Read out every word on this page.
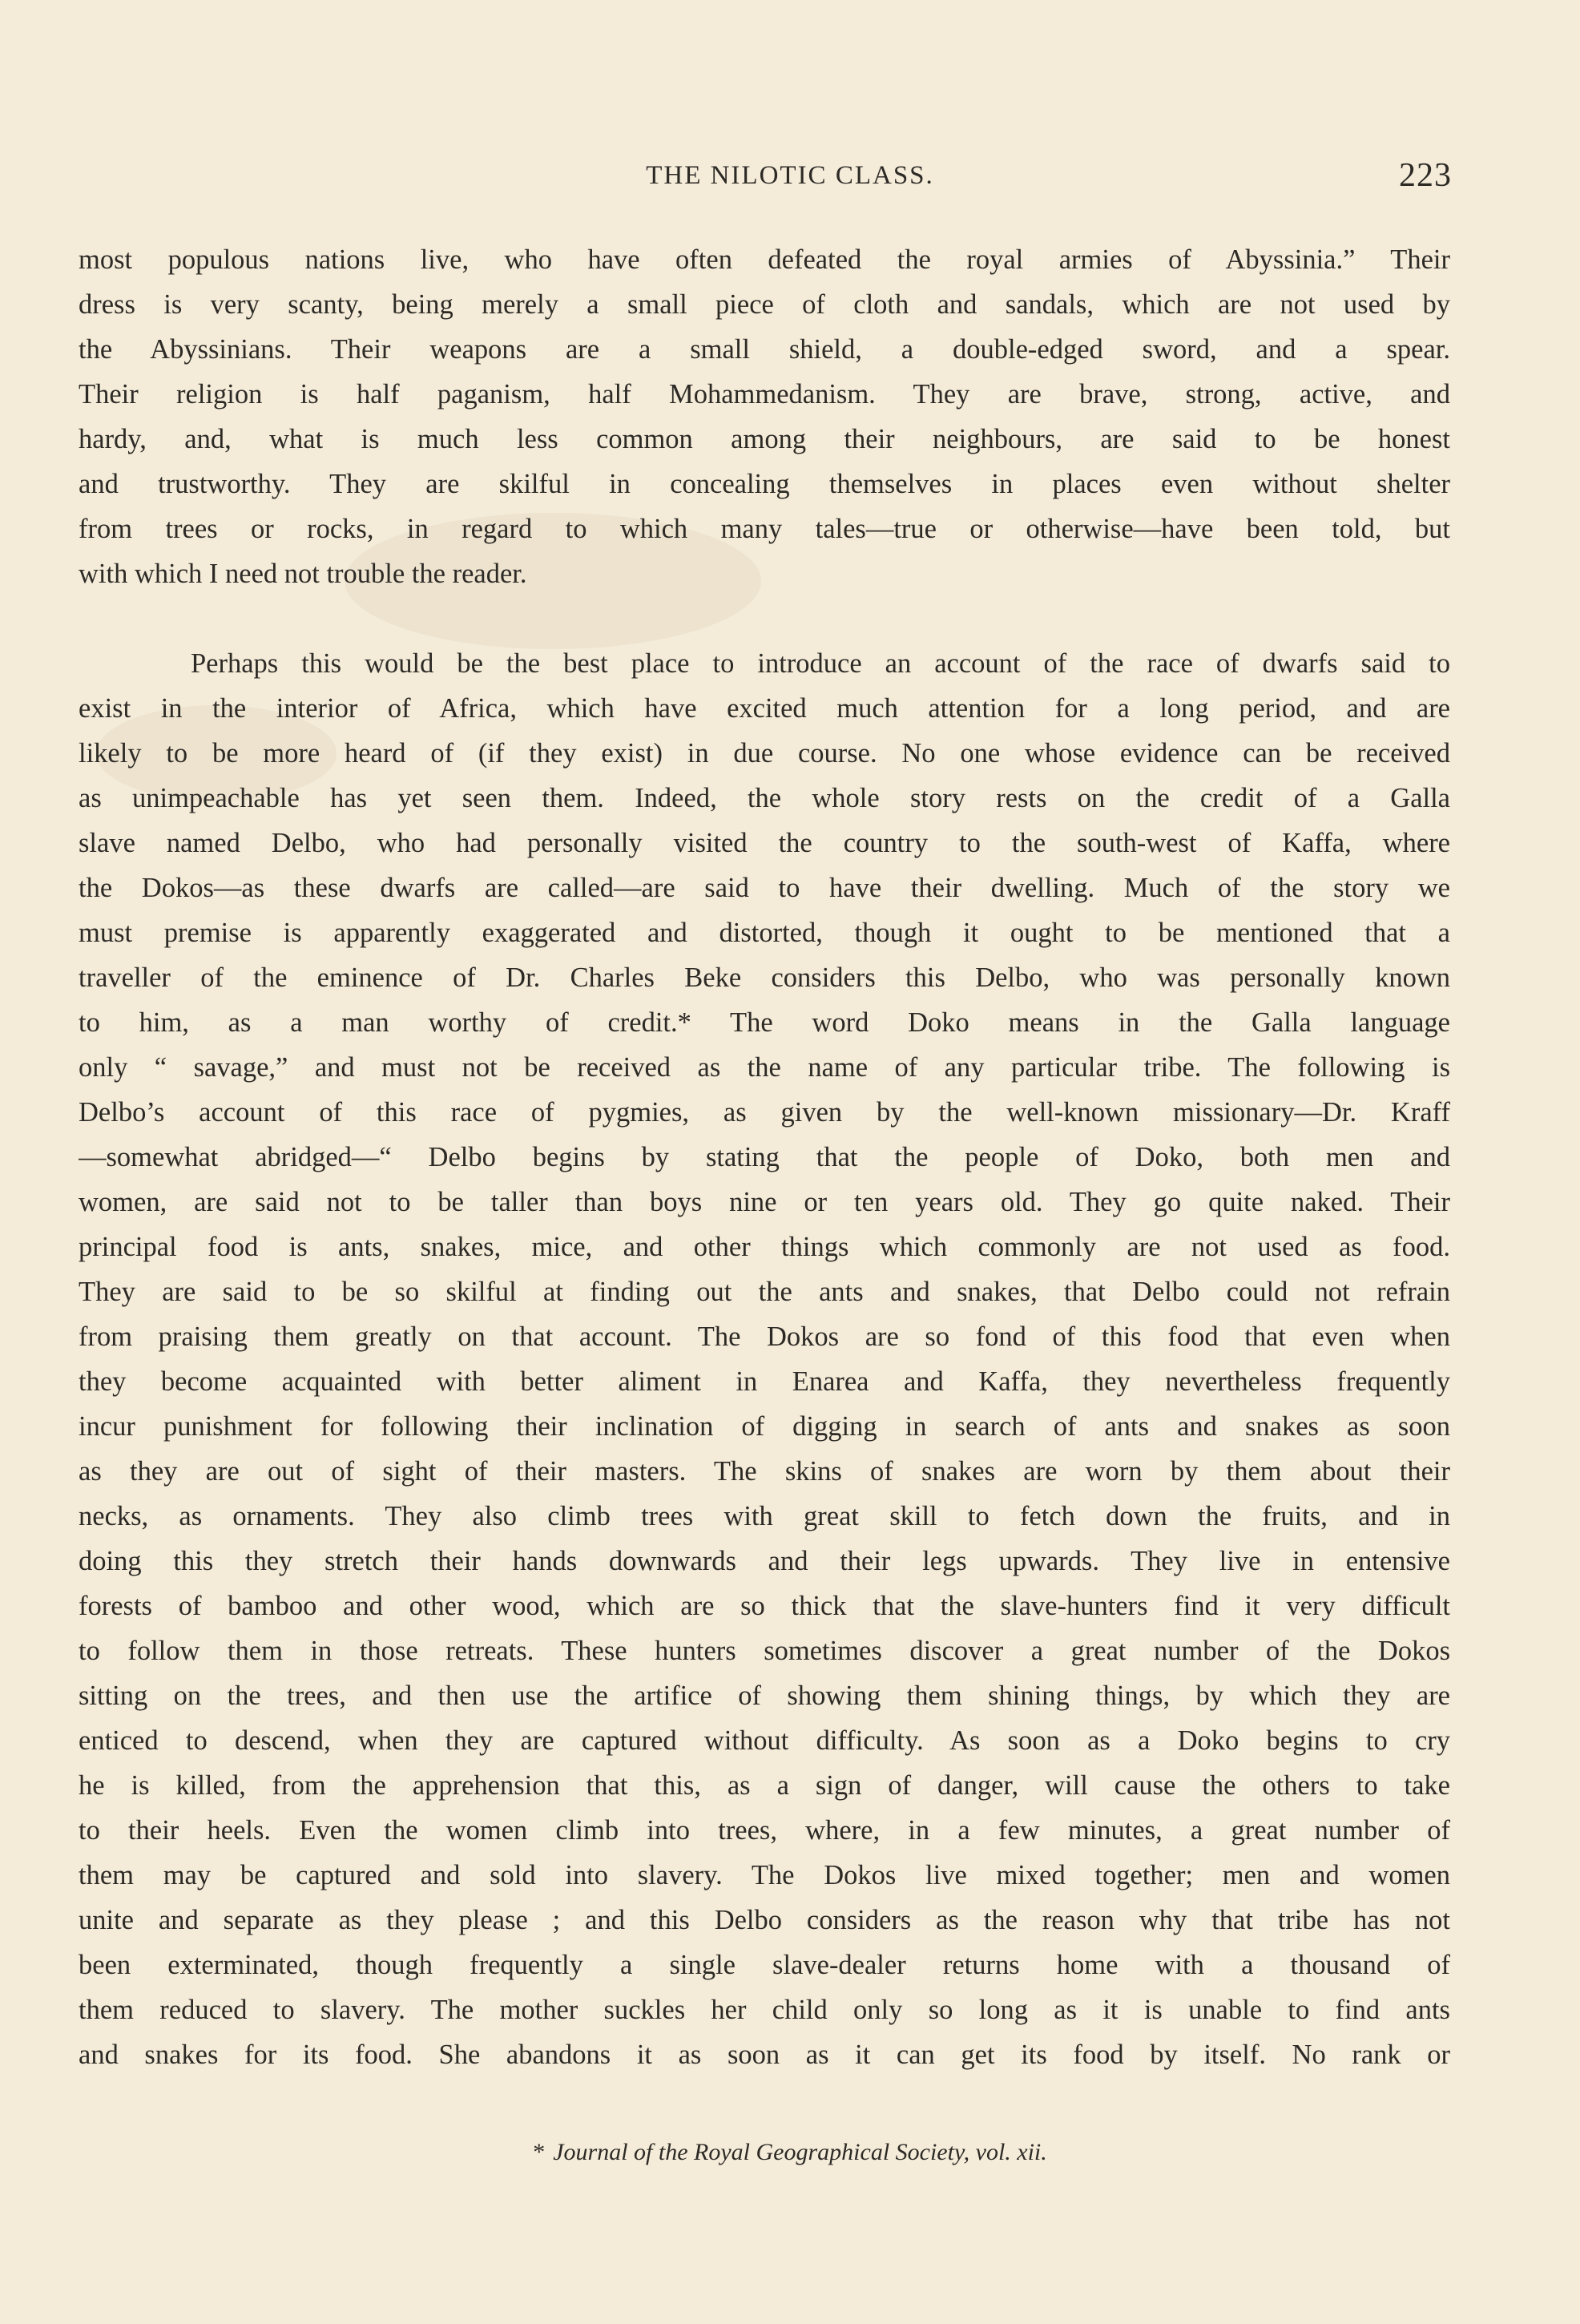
THE NILOTIC CLASS.	223
most populous nations live, who have often defeated the royal armies of Abyssinia.” Their
dress is very scanty, being merely a small piece of cloth and sandals, which are not used by
the Abyssinians. Their weapons are a small shield, a double-edged sword, and a spear.
Their religion is half paganism, half Mohammedanism. They are brave, strong, active, and
hardy, and, what is much less common among their neighbours, are said to be honest
and trustworthy. They are skilful in concealing themselves in places even without shelter
from trees or rocks, in regard to which many tales—true or otherwise—have been told, but
with which I need not trouble the reader.
Perhaps this would be the best place to introduce an account of the race of dwarfs said to
exist in the interior of Africa, which have excited much attention for a long period, and are
likely to be more heard of (if they exist) in due course. No one whose evidence can be received
as unimpeachable has yet seen them. Indeed, the whole story rests on the credit of a Galla
slave named Delbo, who had personally visited the country to the south-west of Kaffa, where
the Dokos—as these dwarfs are called—are said to have their dwelling. Much of the story we
must premise is apparently exaggerated and distorted, though it ought to be mentioned that a
traveller of the eminence of Dr. Charles Beke considers this Delbo, who was personally known
to him, as a man worthy of credit.* The word Doko means in the Galla language
only “ savage,” and must not be received as the name of any particular tribe. The following is
Delbo’s account of this race of pygmies, as given by the well-known missionary—Dr. Kraff
—somewhat abridged—“ Delbo begins by stating that the people of Doko, both men and
women, are said not to be taller than boys nine or ten years old. They go quite naked. Their
principal food is ants, snakes, mice, and other things which commonly are not used as food.
They are said to be so skilful at finding out the ants and snakes, that Delbo could not refrain
from praising them greatly on that account. The Dokos are so fond of this food that even when
they become acquainted with better aliment in Enarea and Kaffa, they nevertheless frequently
incur punishment for following their inclination of digging in search of ants and snakes as soon
as they are out of sight of their masters. The skins of snakes are worn by them about their
necks, as ornaments. They also climb trees with great skill to fetch down the fruits, and in
doing this they stretch their hands downwards and their legs upwards. They live in entensive
forests of bamboo and other wood, which are so thick that the slave-hunters find it very difficult
to follow them in those retreats. These hunters sometimes discover a great number of the Dokos
sitting on the trees, and then use the artifice of showing them shining things, by which they are
enticed to descend, when they are captured without difficulty. As soon as a Doko begins to cry
he is killed, from the apprehension that this, as a sign of danger, will cause the others to take
to their heels. Even the women climb into trees, where, in a few minutes, a great number of
them may be captured and sold into slavery. The Dokos live mixed together; men and women
unite and separate as they please ; and this Delbo considers as the reason why that tribe has not
been exterminated, though frequently a single slave-dealer returns home with a thousand of
them reduced to slavery. The mother suckles her child only so long as it is unable to find ants
and snakes for its food. She abandons it as soon as it can get its food by itself. No rank or
* Journal of the Royal Geographical Society, vol. xii.
